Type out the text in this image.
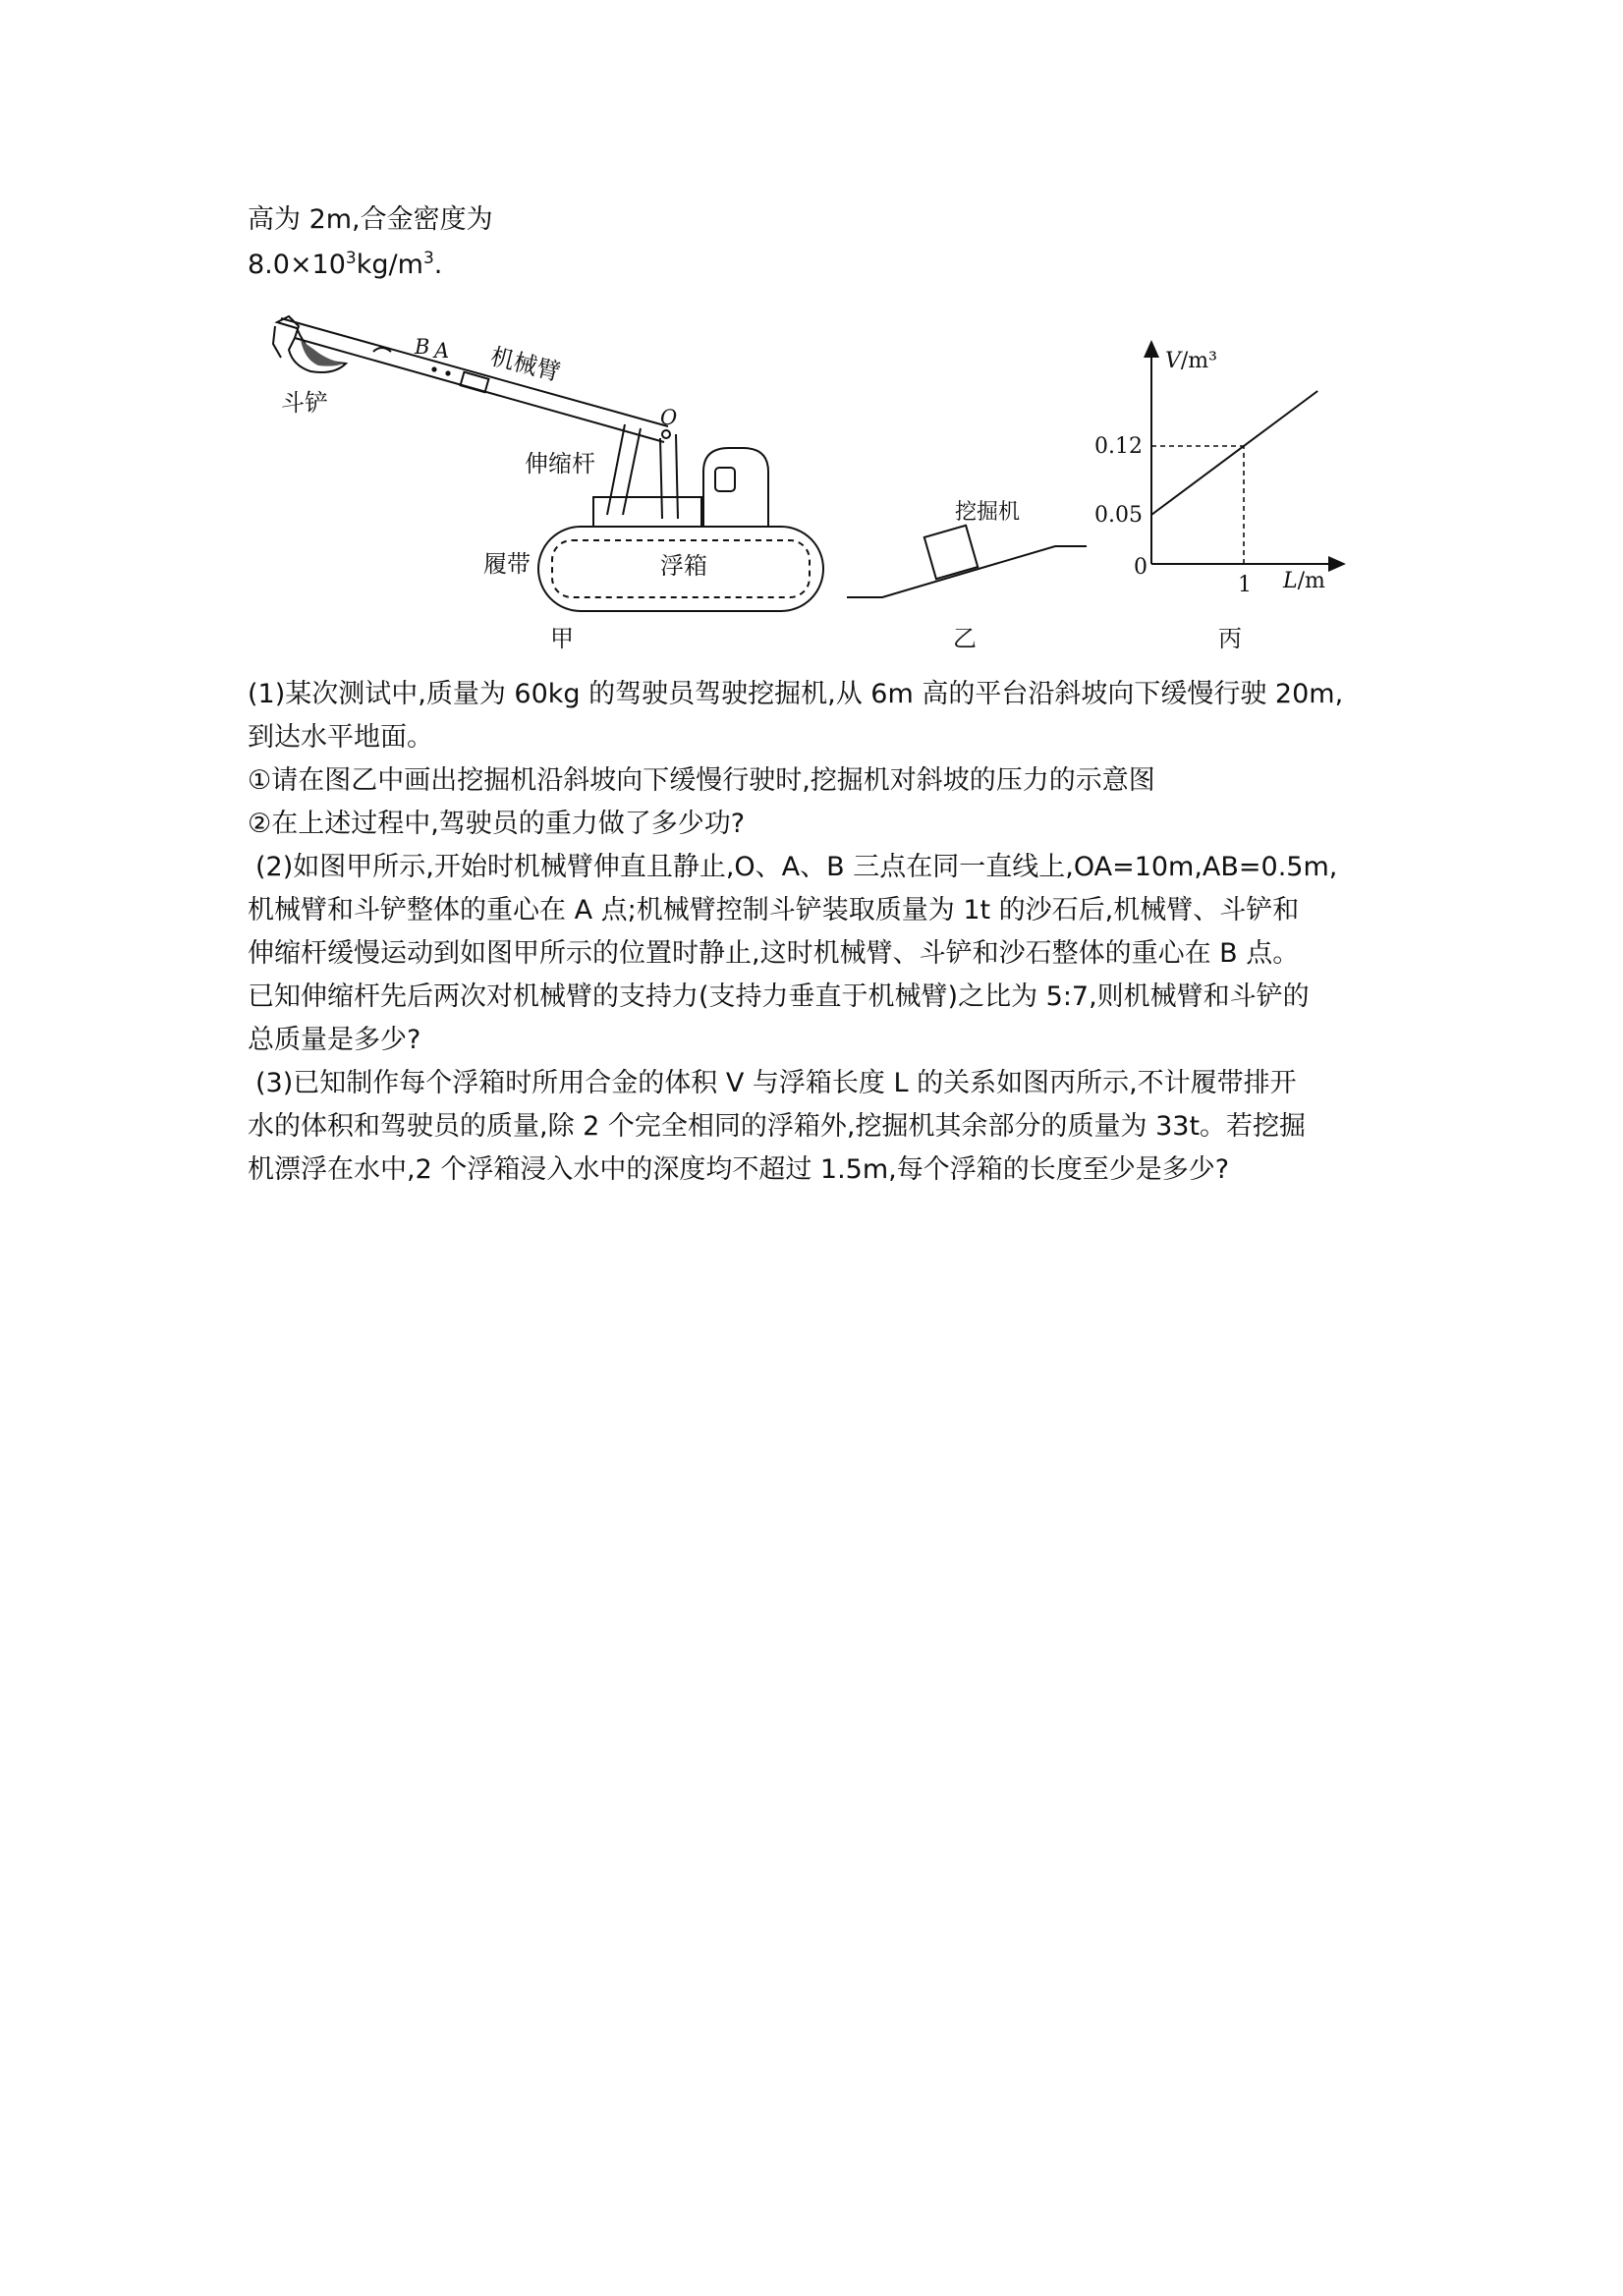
高为 2m,合金密度为
$8.0\times 10^3kg/m^3$.
斗铲
B A 机械臂
O
伸缩杆
履带	浮箱
甲
挖掘机
乙
V/m³
L/m
0
0.05
0.12
1
丙
(1)某次测试中,质量为 60kg 的驾驶员驾驶挖掘机,从 6m 高的平台沿斜坡向下缓慢行驶 20m,
到达水平地面。
①请在图乙中画出挖掘机沿斜坡向下缓慢行驶时,挖掘机对斜坡的压力的示意图
②在上述过程中,驾驶员的重力做了多少功?
(2)如图甲所示,开始时机械臂伸直且静止,O、A、B 三点在同一直线上,OA=10m,AB=0.5m,
机械臂和斗铲整体的重心在 A 点;机械臂控制斗铲装取质量为 1t 的沙石后,机械臂、斗铲和
伸缩杆缓慢运动到如图甲所示的位置时静止,这时机械臂、斗铲和沙石整体的重心在 B 点。
已知伸缩杆先后两次对机械臂的支持力(支持力垂直于机械臂)之比为 5:7,则机械臂和斗铲的
总质量是多少?
(3)已知制作每个浮箱时所用合金的体积 V 与浮箱长度 L 的关系如图丙所示,不计履带排开
水的体积和驾驶员的质量,除 2 个完全相同的浮箱外,挖掘机其余部分的质量为 33t。若挖掘
机漂浮在水中,2 个浮箱浸入水中的深度均不超过 1.5m,每个浮箱的长度至少是多少?
